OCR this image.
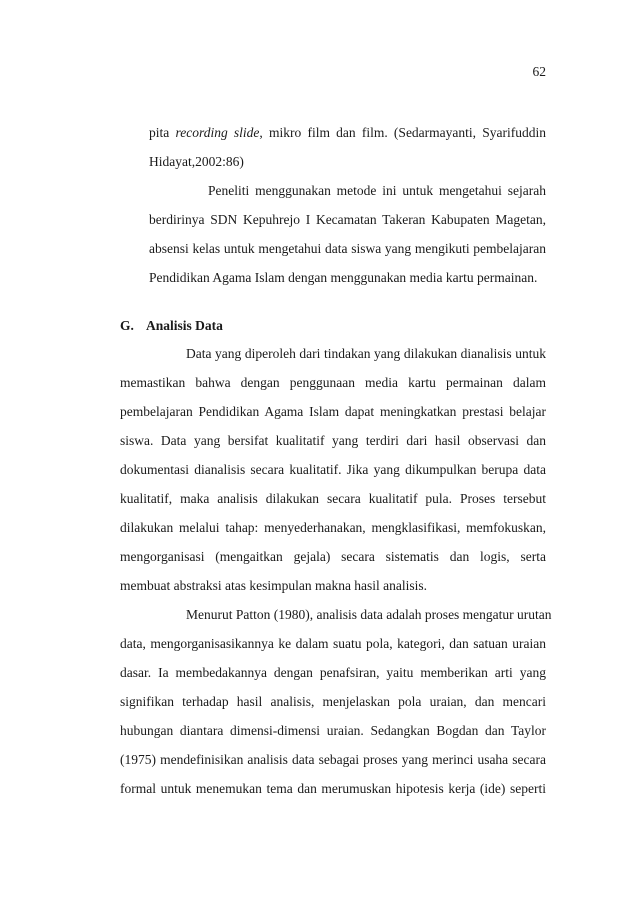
62
pita recording slide, mikro film dan film. (Sedarmayanti, Syarifuddin
Hidayat,2002:86)
Peneliti menggunakan metode ini untuk mengetahui sejarah
berdirinya SDN Kepuhrejo I Kecamatan Takeran Kabupaten Magetan,
absensi kelas untuk mengetahui data siswa yang mengikuti pembelajaran
Pendidikan Agama Islam dengan menggunakan media kartu permainan.
G. Analisis Data
Data yang diperoleh dari tindakan yang dilakukan dianalisis untuk
memastikan bahwa dengan penggunaan media kartu permainan dalam
pembelajaran Pendidikan Agama Islam dapat meningkatkan prestasi belajar
siswa. Data yang bersifat kualitatif yang terdiri dari hasil observasi dan
dokumentasi dianalisis secara kualitatif. Jika yang dikumpulkan berupa data
kualitatif, maka analisis dilakukan secara kualitatif pula. Proses tersebut
dilakukan melalui tahap: menyederhanakan, mengklasifikasi, memfokuskan,
mengorganisasi (mengaitkan gejala) secara sistematis dan logis, serta
membuat abstraksi atas kesimpulan makna hasil analisis.
Menurut Patton (1980), analisis data adalah proses mengatur urutan
data, mengorganisasikannya ke dalam suatu pola, kategori, dan satuan uraian
dasar. Ia membedakannya dengan penafsiran, yaitu memberikan arti yang
signifikan terhadap hasil analisis, menjelaskan pola uraian, dan mencari
hubungan diantara dimensi-dimensi uraian. Sedangkan Bogdan dan Taylor
(1975) mendefinisikan analisis data sebagai proses yang merinci usaha secara
formal untuk menemukan tema dan merumuskan hipotesis kerja (ide) seperti
